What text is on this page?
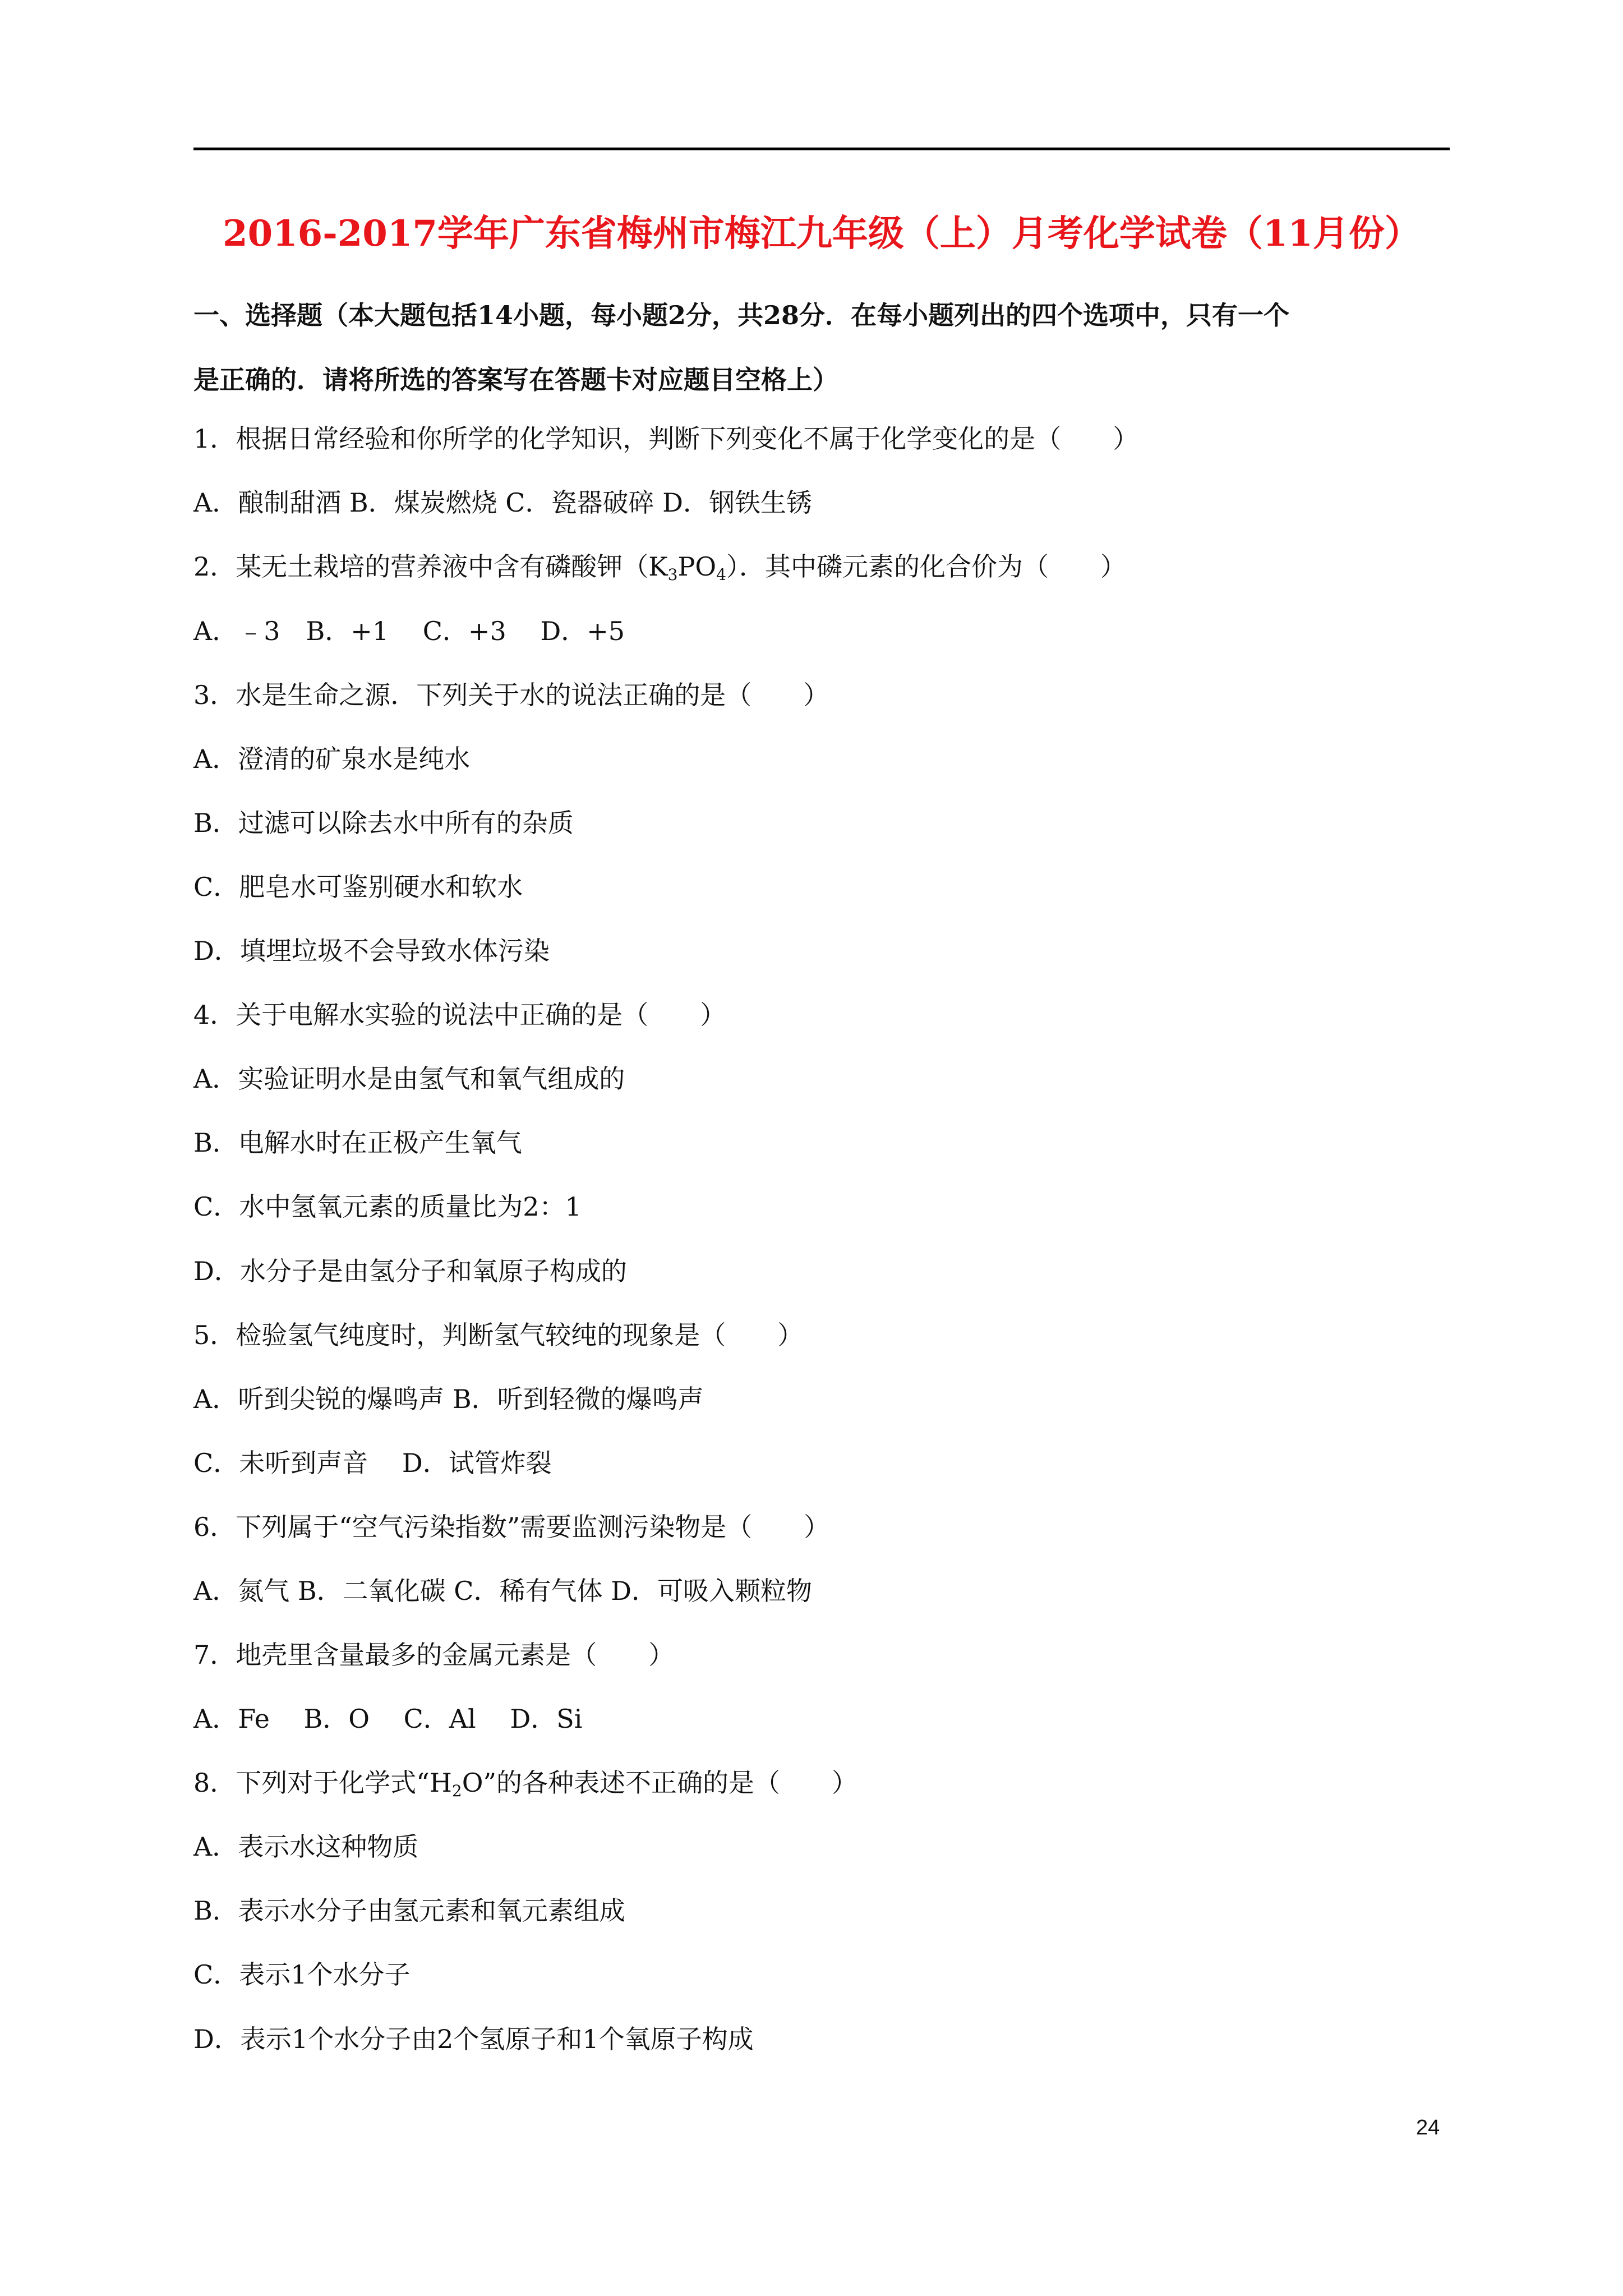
2016-2017学年广东省梅州市梅江九年级（上）月考化学试卷（11月份）
一、选择题（本大题包括14小题，每小题2分，共28分．在每小题列出的四个选项中，只有一个
是正确的．请将所选的答案写在答题卡对应题目空格上）
1．根据日常经验和你所学的化学知识，判断下列变化不属于化学变化的是（　　）
A．酿制甜酒 B．煤炭燃烧 C．瓷器破碎 D．钢铁生锈
2．某无土栽培的营养液中含有磷酸钾$(K_3PO_4)$．其中磷元素的化合价为（　　）
A．﹣3　B．+1　 C．+3　 D．+5
3．水是生命之源．下列关于水的说法正确的是（　　）
A．澄清的矿泉水是纯水
B．过滤可以除去水中所有的杂质
C．肥皂水可鉴别硬水和软水
D．填埋垃圾不会导致水体污染
4．关于电解水实验的说法中正确的是（　　）
A．实验证明水是由氢气和氧气组成的
B．电解水时在正极产生氧气
C．水中氢氧元素的质量比为2：1
D．水分子是由氢分子和氧原子构成的
5．检验氢气纯度时，判断氢气较纯的现象是（　　）
A．听到尖锐的爆鸣声 B．听到轻微的爆鸣声
C．未听到声音　 D．试管炸裂
6．下列属于“空气污染指数”需要监测污染物是（　　）
A．氮气 B．二氧化碳 C．稀有气体 D．可吸入颗粒物
7．地壳里含量最多的金属元素是（　　）
A．Fe　 B．O　 C．Al　 D．Si
8．下列对于化学式“$H_2O$”的各种表述不正确的是（　　）
A．表示水这种物质
B．表示水分子由氢元素和氧元素组成
C．表示1个水分子
D．表示1个水分子由2个氢原子和1个氧原子构成
24
